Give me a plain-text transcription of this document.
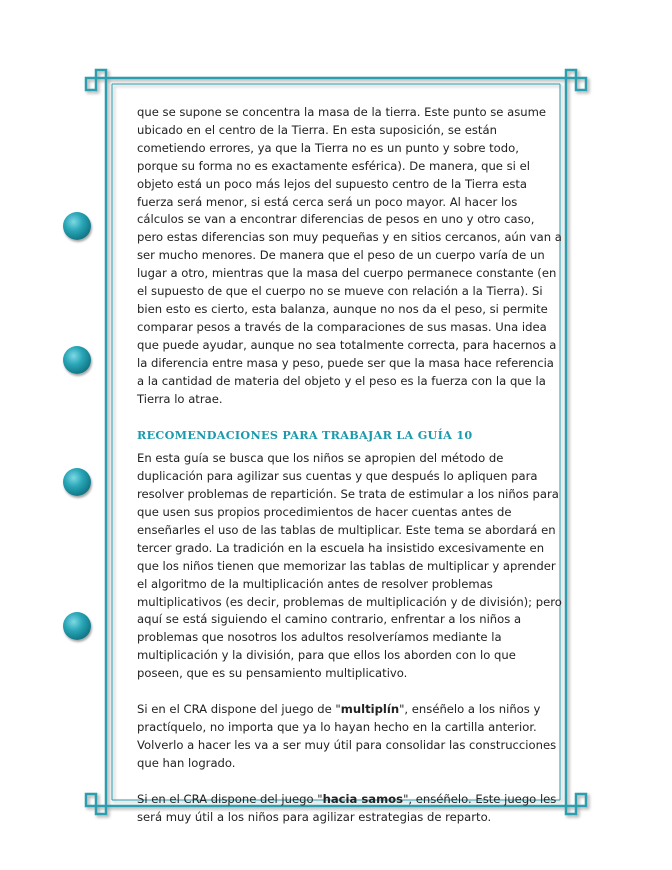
que se supone se concentra la masa de la tierra. Este punto se asume ubicado en el centro de la Tierra. En esta suposición, se están cometiendo errores, ya que la Tierra no es un punto y sobre todo, porque su forma no es exactamente esférica). De manera, que si el objeto está un poco más lejos del supuesto centro de la Tierra esta fuerza será menor, si está cerca será un poco mayor. Al hacer los cálculos se van a encontrar diferencias de pesos en uno y otro caso, pero estas diferencias son muy pequeñas y en sitios cercanos, aún van a ser mucho menores. De manera que el peso de un cuerpo varía de un lugar a otro, mientras que la masa del cuerpo permanece constante (en el supuesto de que el cuerpo no se mueve con relación a la Tierra). Si bien esto es cierto, esta balanza, aunque no nos da el peso, si permite comparar pesos a través de la comparaciones de sus masas. Una idea que puede ayudar, aunque no sea totalmente correcta, para hacernos a la diferencia entre masa y peso, puede ser que la masa hace referencia a la cantidad de materia del objeto y el peso es la fuerza con la que la Tierra lo atrae.

RECOMENDACIONES PARA TRABAJAR LA GUÍA 10

En esta guía se busca que los niños se apropien del método de duplicación para agilizar sus cuentas y que después lo apliquen para resolver problemas de repartición. Se trata de estimular a los niños para que usen sus propios procedimientos de hacer cuentas antes de enseñarles el uso de las tablas de multiplicar. Este tema se abordará en tercer grado. La tradición en la escuela ha insistido excesivamente en que los niños tienen que memorizar las tablas de multiplicar y aprender el algoritmo de la multiplicación antes de resolver problemas multiplicativos (es decir, problemas de multiplicación y de división); pero aquí se está siguiendo el camino contrario, enfrentar a los niños a problemas que nosotros los adultos resolveríamos mediante la multiplicación y la división, para que ellos los aborden con lo que poseen, que es su pensamiento multiplicativo.

Si en el CRA dispone del juego de "multiplín", enséñelo a los niños y practíquelo, no importa que ya lo hayan hecho en la cartilla anterior. Volverlo a hacer les va a ser muy útil para consolidar las construcciones que han logrado.

Si en el CRA dispone del juego "hacia samos", enséñelo. Este juego les será muy útil a los niños para agilizar estrategias de reparto.
